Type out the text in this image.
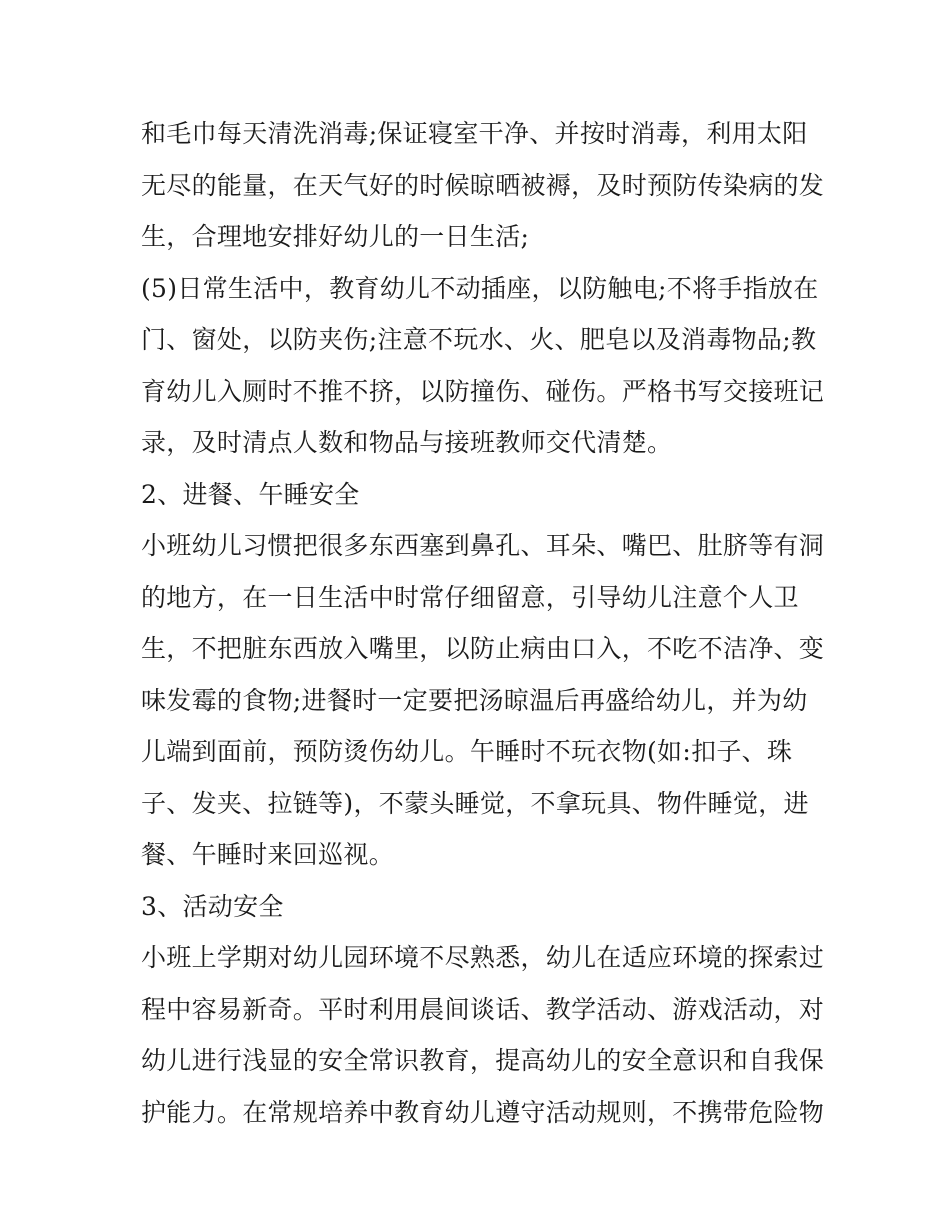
和毛巾每天清洗消毒;保证寝室干净、并按时消毒，利用太阳
无尽的能量，在天气好的时候晾晒被褥，及时预防传染病的发
生，合理地安排好幼儿的一日生活;
(5)日常生活中，教育幼儿不动插座，以防触电;不将手指放在
门、窗处，以防夹伤;注意不玩水、火、肥皂以及消毒物品;教
育幼儿入厕时不推不挤，以防撞伤、碰伤。严格书写交接班记
录，及时清点人数和物品与接班教师交代清楚。
2、进餐、午睡安全
小班幼儿习惯把很多东西塞到鼻孔、耳朵、嘴巴、肚脐等有洞
的地方，在一日生活中时常仔细留意，引导幼儿注意个人卫
生，不把脏东西放入嘴里，以防止病由口入，不吃不洁净、变
味发霉的食物;进餐时一定要把汤晾温后再盛给幼儿，并为幼
儿端到面前，预防烫伤幼儿。午睡时不玩衣物(如:扣子、珠
子、发夹、拉链等)，不蒙头睡觉，不拿玩具、物件睡觉，进
餐、午睡时来回巡视。
3、活动安全
小班上学期对幼儿园环境不尽熟悉，幼儿在适应环境的探索过
程中容易新奇。平时利用晨间谈话、教学活动、游戏活动，对
幼儿进行浅显的安全常识教育，提高幼儿的安全意识和自我保
护能力。在常规培养中教育幼儿遵守活动规则，不携带危险物
